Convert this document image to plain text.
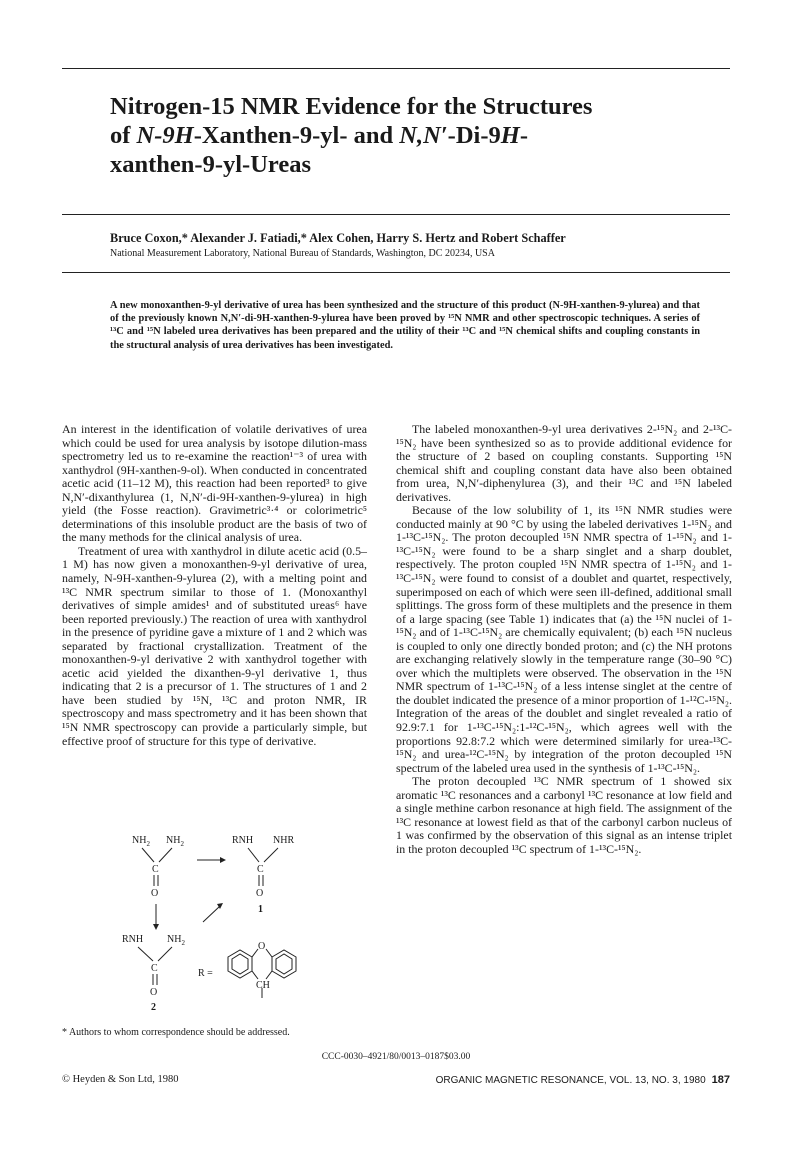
Nitrogen-15 NMR Evidence for the Structures
of N-9H-Xanthen-9-yl- and N,N′-Di-9H-
xanthen-9-yl-Ureas
Bruce Coxon,* Alexander J. Fatiadi,* Alex Cohen, Harry S. Hertz and Robert Schaffer
National Measurement Laboratory, National Bureau of Standards, Washington, DC 20234, USA
A new monoxanthen-9-yl derivative of urea has been synthesized and the structure of this product (N-9H-xanthen-9-ylurea) and that of the previously known N,N′-di-9H-xanthen-9-ylurea have been proved by ¹⁵N NMR and other spectroscopic techniques. A series of ¹³C and ¹⁵N labeled urea derivatives has been prepared and the utility of their ¹³C and ¹⁵N chemical shifts and coupling constants in the structural analysis of urea derivatives has been investigated.

An interest in the identification of volatile derivatives of urea which could be used for urea analysis by isotope dilution-mass spectrometry led us to re-examine the reaction¹⁻³ of urea with xanthydrol (9H-xanthen-9-ol). When conducted in concentrated acetic acid (11–12 M), this reaction had been reported³ to give N,N′-dixanthylurea (1, N,N′-di-9H-xanthen-9-ylurea) in high yield (the Fosse reaction). Gravimetric³·⁴ or colorimetric⁵ determinations of this insoluble product are the basis of two of the many methods for the clinical analysis of urea.

Treatment of urea with xanthydrol in dilute acetic acid (0.5–1 M) has now given a monoxanthen-9-yl derivative of urea, namely, N-9H-xanthen-9-ylurea (2), with a melting point and ¹³C NMR spectrum similar to those of 1. (Monoxanthyl derivatives of simple amides¹ and of substituted ureas⁶ have been reported previously.) The reaction of urea with xanthydrol in the presence of pyridine gave a mixture of 1 and 2 which was separated by fractional crystallization. Treatment of the monoxanthen-9-yl derivative 2 with xanthydrol together with acetic acid yielded the dixanthen-9-yl derivative 1, thus indicating that 2 is a precursor of 1. The structures of 1 and 2 have been studied by ¹⁵N, ¹³C and proton NMR, IR spectroscopy and mass spectrometry and it has been shown that ¹⁵N NMR spectroscopy can provide a particularly simple, but effective proof of structure for this type of derivative.

$NH_2$ $NH_2$
C
O
RNH NHR
C
O
1
RNH $NH_2$
C
O
2
R =
O
CH
* Authors to whom correspondence should be addressed.

The labeled monoxanthen-9-yl urea derivatives 2-¹⁵N₂ and 2-¹³C-¹⁵N₂ have been synthesized so as to provide additional evidence for the structure of 2 based on coupling constants. Supporting ¹⁵N chemical shift and coupling constant data have also been obtained from urea, N,N′-diphenylurea (3), and their ¹³C and ¹⁵N labeled derivatives.

Because of the low solubility of 1, its ¹⁵N NMR studies were conducted mainly at 90 °C by using the labeled derivatives 1-¹⁵N₂ and 1-¹³C-¹⁵N₂. The proton decoupled ¹⁵N NMR spectra of 1-¹⁵N₂ and 1-¹³C-¹⁵N₂ were found to be a sharp singlet and a sharp doublet, respectively. The proton coupled ¹⁵N NMR spectra of 1-¹⁵N₂ and 1-¹³C-¹⁵N₂ were found to consist of a doublet and quartet, respectively, superimposed on each of which were seen ill-defined, additional small splittings. The gross form of these multiplets and the presence in them of a large spacing (see Table 1) indicates that (a) the ¹⁵N nuclei of 1-¹⁵N₂ and of 1-¹³C-¹⁵N₂ are chemically equivalent; (b) each ¹⁵N nucleus is coupled to only one directly bonded proton; and (c) the NH protons are exchanging relatively slowly in the temperature range (30–90 °C) over which the multiplets were observed. The observation in the ¹⁵N NMR spectrum of 1-¹³C-¹⁵N₂ of a less intense singlet at the centre of the doublet indicated the presence of a minor proportion of 1-¹²C-¹⁵N₂. Integration of the areas of the doublet and singlet revealed a ratio of 92.9:7.1 for 1-¹³C-¹⁵N₂:1-¹²C-¹⁵N₂, which agrees well with the proportions 92.8:7.2 which were determined similarly for urea-¹³C-¹⁵N₂ and urea-¹²C-¹⁵N₂ by integration of the proton decoupled ¹⁵N spectrum of the labeled urea used in the synthesis of 1-¹³C-¹⁵N₂.

The proton decoupled ¹³C NMR spectrum of 1 showed six aromatic ¹³C resonances and a carbonyl ¹³C resonance at low field and a single methine carbon resonance at high field. The assignment of the ¹³C resonance at lowest field as that of the carbonyl carbon nucleus of 1 was confirmed by the observation of this signal as an intense triplet in the proton decoupled ¹³C spectrum of 1-¹³C-¹⁵N₂.

CCC-0030–4921/80/0013–0187$03.00
© Heyden & Son Ltd, 1980	ORGANIC MAGNETIC RESONANCE, VOL. 13, NO. 3, 1980 187
